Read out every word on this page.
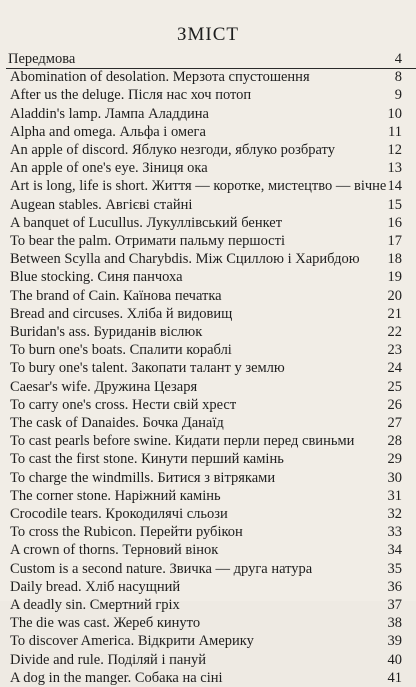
ЗМІСТ
Передмова	4
Abomination of desolation. Мерзота спустошення	8
After us the deluge. Після нас хоч потоп	9
Aladdin's lamp. Лампа Аладдина	10
Alpha and omega. Альфа і омега	11
An apple of discord. Яблуко незгоди, яблуко розбрату	12
An apple of one's eye. Зіниця ока	13
Art is long, life is short. Життя — коротке, мистецтво — вічне 14
Augean stables. Авгієві стайні	15
A banquet of Lucullus. Лукуллівський бенкет	16
To bear the palm. Отримати пальму першості	17
Between Scylla and Charybdis. Між Сциллою і Харибдою	18
Blue stocking. Синя панчоха	19
The brand of Cain. Каїнова печатка	20
Bread and circuses. Хліба й видовищ	21
Buridan's ass. Буриданів віслюк	22
To burn one's boats. Спалити кораблі	23
To bury one's talent. Закопати талант у землю	24
Caesar's wife. Дружина Цезаря	25
To carry one's cross. Нести свій хрест	26
The cask of Danaides. Бочка Данаїд	27
To cast pearls before swine. Кидати перли перед свиньми	28
To cast the first stone. Кинути перший камінь	29
To charge the windmills. Битися з вітряками	30
The corner stone. Наріжний камінь	31
Crocodile tears. Крокодилячі сльози	32
To cross the Rubicon. Перейти рубікон	33
A crown of thorns. Терновий вінок	34
Custom is a second nature. Звичка — друга натура	35
Daily bread. Хліб насущний	36
A deadly sin. Смертний гріх	37
The die was cast. Жереб кинуто	38
To discover America. Відкрити Америку	39
Divide and rule. Поділяй і пануй	40
A dog in the manger. Собака на сіні	41
